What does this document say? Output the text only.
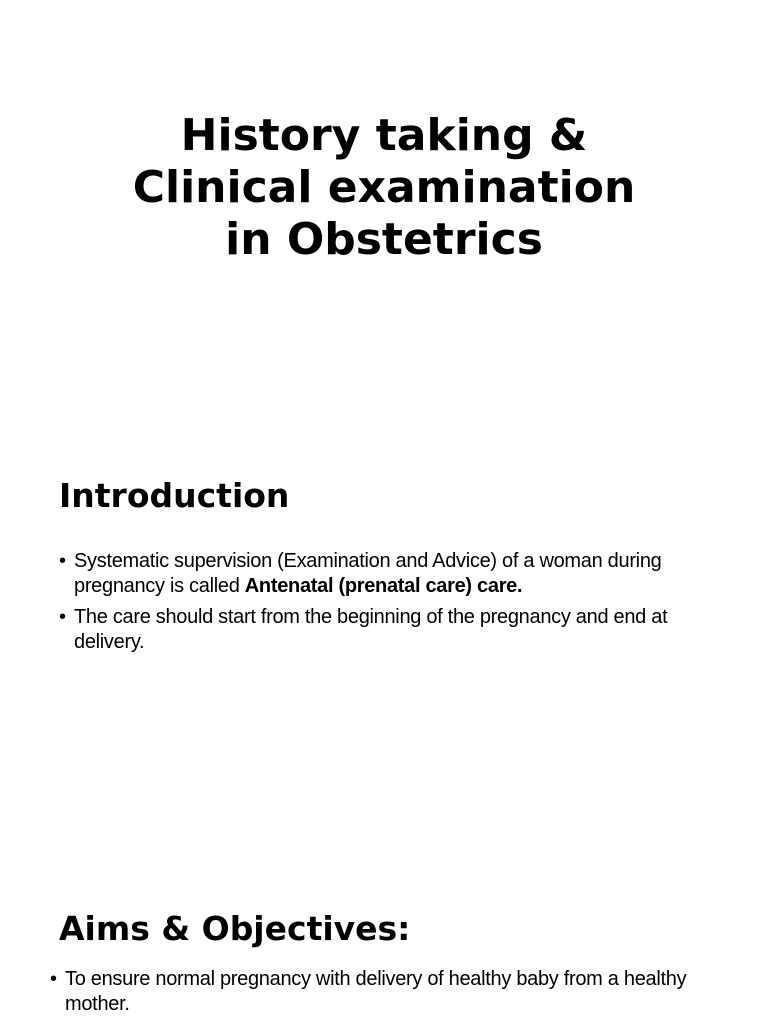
History taking &
Clinical examination
in Obstetrics
Introduction
• Systematic supervision (Examination and Advice) of a woman during pregnancy is called Antenatal (prenatal care) care.
• The care should start from the beginning of the pregnancy and end at delivery.
Aims & Objectives:
• To ensure normal pregnancy with delivery of healthy baby from a healthy mother.
